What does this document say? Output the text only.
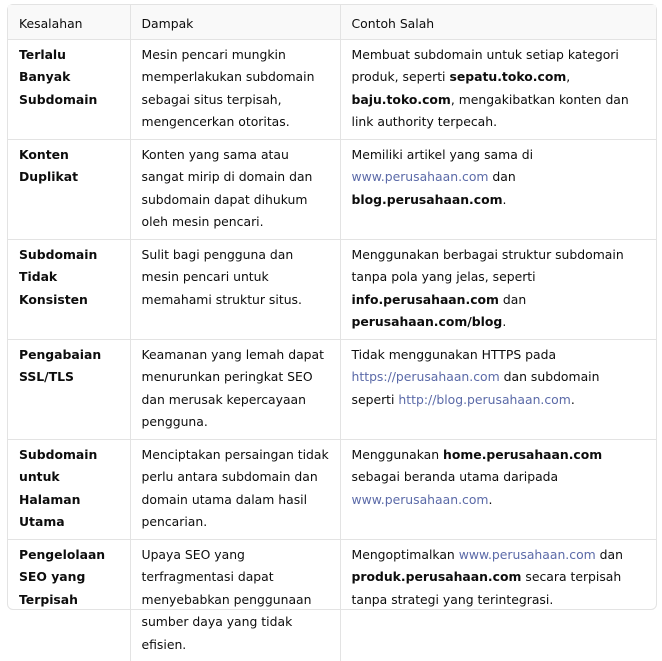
Kesalahan	Dampak	Contoh Salah
Terlalu Banyak Subdomain	Mesin pencari mungkin memperlakukan subdomain sebagai situs terpisah, mengencerkan otoritas.	Membuat subdomain untuk setiap kategori produk, seperti sepatu.toko.com, baju.toko.com, mengakibatkan konten dan link authority terpecah.
Konten Duplikat	Konten yang sama atau sangat mirip di domain dan subdomain dapat dihukum oleh mesin pencari.	Memiliki artikel yang sama di www.perusahaan.com dan blog.perusahaan.com.
Subdomain Tidak Konsisten	Sulit bagi pengguna dan mesin pencari untuk memahami struktur situs.	Menggunakan berbagai struktur subdomain tanpa pola yang jelas, seperti info.perusahaan.com dan perusahaan.com/blog.
Pengabaian SSL/TLS	Keamanan yang lemah dapat menurunkan peringkat SEO dan merusak kepercayaan pengguna.	Tidak menggunakan HTTPS pada https://perusahaan.com dan subdomain seperti http://blog.perusahaan.com.
Subdomain untuk Halaman Utama	Menciptakan persaingan tidak perlu antara subdomain dan domain utama dalam hasil pencarian.	Menggunakan home.perusahaan.com sebagai beranda utama daripada www.perusahaan.com.
Pengelolaan SEO yang Terpisah	Upaya SEO yang terfragmentasi dapat menyebabkan penggunaan sumber daya yang tidak efisien.	Mengoptimalkan www.perusahaan.com dan produk.perusahaan.com secara terpisah tanpa strategi yang terintegrasi.
